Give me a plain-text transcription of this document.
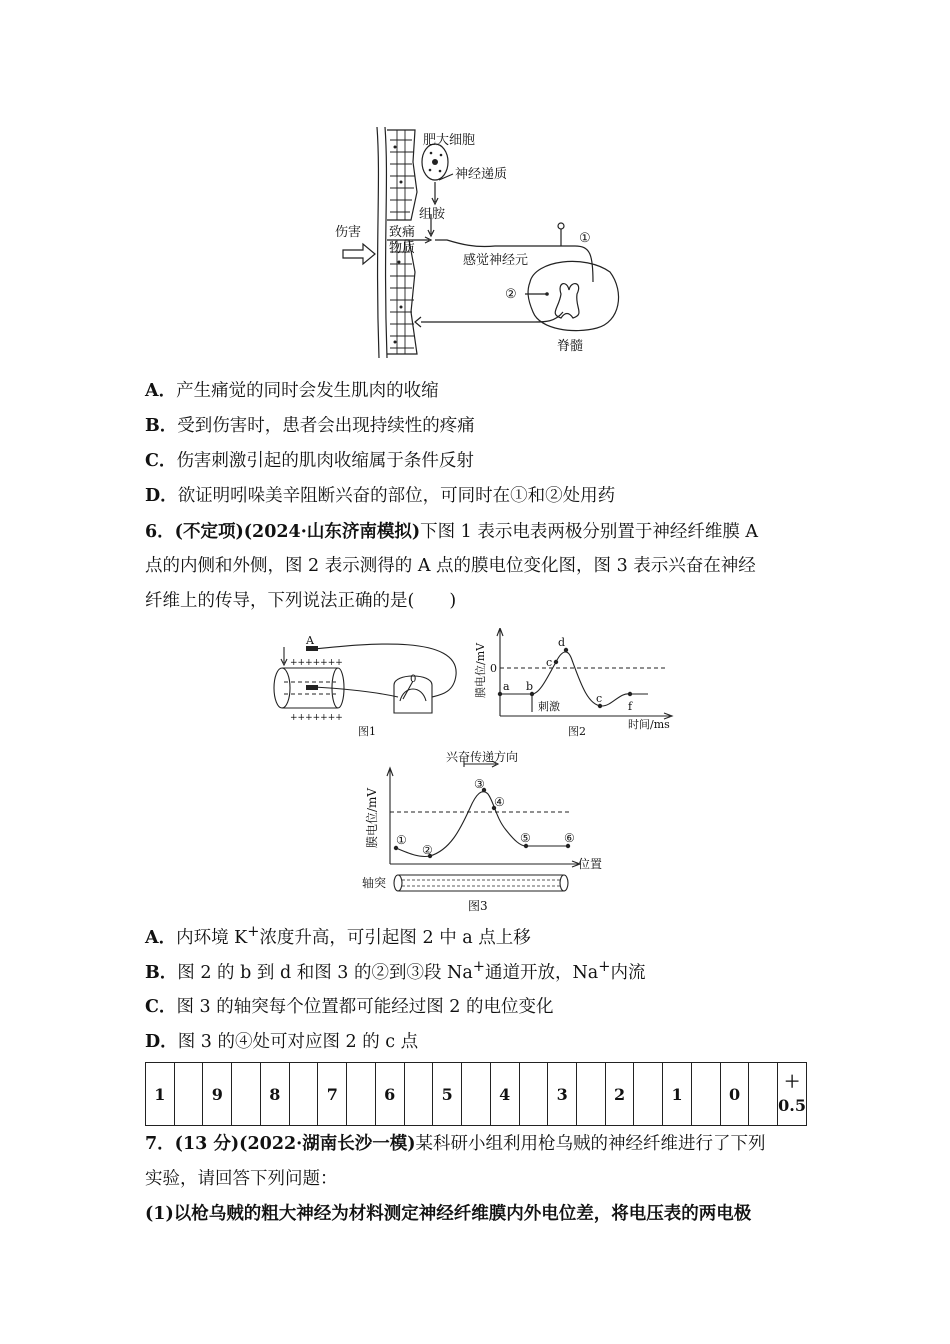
肥大细胞
神经递质
组胺
伤害 致痛
物质
感觉神经元
①
②
脊髓
A．产生痛觉的同时会发生肌肉的收缩
B．受到伤害时，患者会出现持续性的疼痛
C．伤害刺激引起的肌肉收缩属于条件反射
D．欲证明吲哚美辛阻断兴奋的部位，可同时在①和②处用药
6．(不定项)(2024·山东济南模拟)下图 1 表示电表两极分别置于神经纤维膜 A
点的内侧和外侧，图 2 表示测得的 A 点的膜电位变化图，图 3 表示兴奋在神经
纤维上的传导，下列说法正确的是(　　)
A
+++++++
+++++++
0
图1
膜电位/mV 0
a b
c
d
c
f
刺激
时间/ms
图2
兴奋传递方向
膜电位/mV ①
②
③
④
⑤	⑥
位置
轴突
图3
A．内环境 K+浓度升高，可引起图 2 中 a 点上移
B．图 2 的 b 到 d 和图 3 的②到③段 Na+通道开放，Na+内流
C．图 3 的轴突每个位置都可能经过图 2 的电位变化
D．图 3 的④处可对应图 2 的 c 点
1		9		8		7		6		5		4		3		2		1		0		
＋
0.5
7．(13 分)(2022·湖南长沙一模)某科研小组利用枪乌贼的神经纤维进行了下列
实验，请回答下列问题：
(1)以枪乌贼的粗大神经为材料测定神经纤维膜内外电位差，将电压表的两电极
